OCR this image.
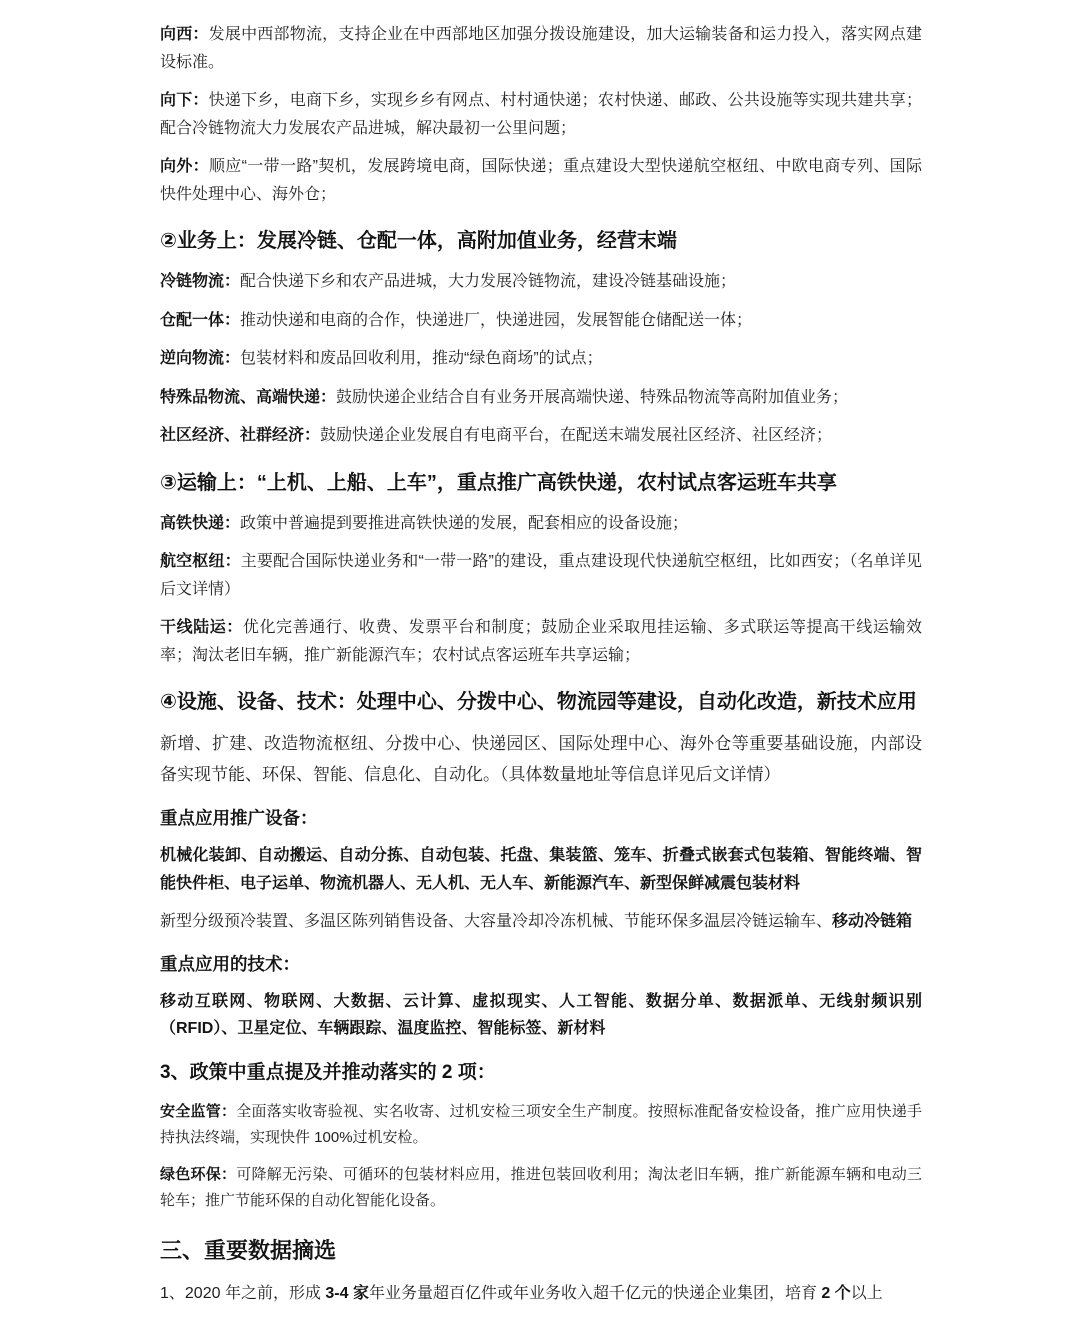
向西：发展中西部物流，支持企业在中西部地区加强分拨设施建设，加大运输装备和运力投入，落实网点建设标准。

向下：快递下乡，电商下乡，实现乡乡有网点、村村通快递；农村快递、邮政、公共设施等实现共建共享；配合冷链物流大力发展农产品进城，解决最初一公里问题；

向外：顺应“一带一路”契机，发展跨境电商，国际快递；重点建设大型快递航空枢纽、中欧电商专列、国际快件处理中心、海外仓；

②业务上：发展冷链、仓配一体，高附加值业务，经营末端

冷链物流：配合快递下乡和农产品进城，大力发展冷链物流，建设冷链基础设施；

仓配一体：推动快递和电商的合作，快递进厂，快递进园，发展智能仓储配送一体；

逆向物流：包装材料和废品回收利用，推动“绿色商场”的试点；

特殊品物流、高端快递：鼓励快递企业结合自有业务开展高端快递、特殊品物流等高附加值业务；

社区经济、社群经济：鼓励快递企业发展自有电商平台，在配送末端发展社区经济、社区经济；

③运输上：“上机、上船、上车”，重点推广高铁快递，农村试点客运班车共享

高铁快递：政策中普遍提到要推进高铁快递的发展，配套相应的设备设施；

航空枢纽：主要配合国际快递业务和“一带一路”的建设，重点建设现代快递航空枢纽，比如西安；（名单详见后文详情）

干线陆运：优化完善通行、收费、发票平台和制度；鼓励企业采取甩挂运输、多式联运等提高干线运输效率；淘汰老旧车辆，推广新能源汽车；农村试点客运班车共享运输；

④设施、设备、技术：处理中心、分拨中心、物流园等建设，自动化改造，新技术应用

新增、扩建、改造物流枢纽、分拨中心、快递园区、国际处理中心、海外仓等重要基础设施，内部设备实现节能、环保、智能、信息化、自动化。（具体数量地址等信息详见后文详情）

重点应用推广设备：

机械化装卸、自动搬运、自动分拣、自动包装、托盘、集装篮、笼车、折叠式嵌套式包装箱、智能终端、智能快件柜、电子运单、物流机器人、无人机、无人车、新能源汽车、新型保鲜减震包装材料

新型分级预冷装置、多温区陈列销售设备、大容量冷却冷冻机械、节能环保多温层冷链运输车、移动冷链箱

重点应用的技术：

移动互联网、物联网、大数据、云计算、虚拟现实、人工智能、数据分单、数据派单、无线射频识别（RFID）、卫星定位、车辆跟踪、温度监控、智能标签、新材料

3、政策中重点提及并推动落实的 2 项：

安全监管：全面落实收寄验视、实名收寄、过机安检三项安全生产制度。按照标准配备安检设备，推广应用快递手持执法终端，实现快件 100%过机安检。

绿色环保：可降解无污染、可循环的包装材料应用，推进包装回收利用；淘汰老旧车辆，推广新能源车辆和电动三轮车；推广节能环保的自动化智能化设备。

三、重要数据摘选

1、2020 年之前，形成 3-4 家年业务量超百亿件或年业务收入超千亿元的快递企业集团，培育 2 个以上
